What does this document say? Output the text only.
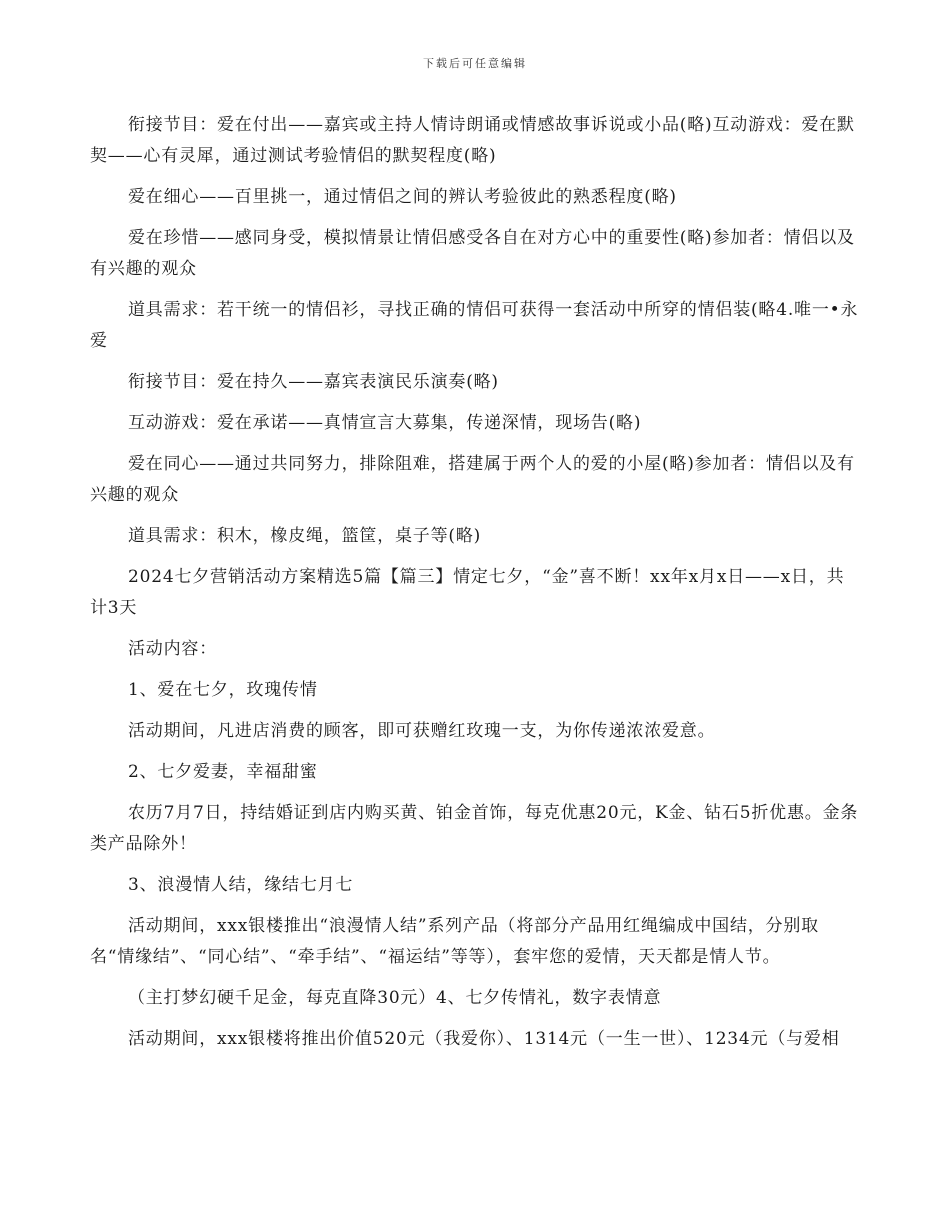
下载后可任意编辑

衔接节目：爱在付出——嘉宾或主持人情诗朗诵或情感故事诉说或小品(略)互动游戏：爱在默契——心有灵犀，通过测试考验情侣的默契程度(略)

爱在细心——百里挑一，通过情侣之间的辨认考验彼此的熟悉程度(略)

爱在珍惜——感同身受，模拟情景让情侣感受各自在对方心中的重要性(略)参加者：情侣以及有兴趣的观众

道具需求：若干统一的情侣衫，寻找正确的情侣可获得一套活动中所穿的情侣装(略4.唯一•永爱

衔接节目：爱在持久——嘉宾表演民乐演奏(略)

互动游戏：爱在承诺——真情宣言大募集，传递深情，现场告(略)

爱在同心——通过共同努力，排除阻难，搭建属于两个人的爱的小屋(略)参加者：情侣以及有兴趣的观众

道具需求：积木，橡皮绳，篮筐，桌子等(略)

2024七夕营销活动方案精选5篇【篇三】情定七夕，“金”喜不断！xx年x月x日——x日，共计3天

活动内容：

1、爱在七夕，玫瑰传情

活动期间，凡进店消费的顾客，即可获赠红玫瑰一支，为你传递浓浓爱意。

2、七夕爱妻，幸福甜蜜

农历7月7日，持结婚证到店内购买黄、铂金首饰，每克优惠20元，K金、钻石5折优惠。金条类产品除外！

3、浪漫情人结，缘结七月七

活动期间，xxx银楼推出“浪漫情人结”系列产品（将部分产品用红绳编成中国结，分别取名“情缘结”、“同心结”、“牵手结”、“福运结”等等），套牢您的爱情，天天都是情人节。

（主打梦幻硬千足金，每克直降30元）4、七夕传情礼，数字表情意

活动期间，xxx银楼将推出价值520元（我爱你）、1314元（一生一世）、1234元（与爱相
